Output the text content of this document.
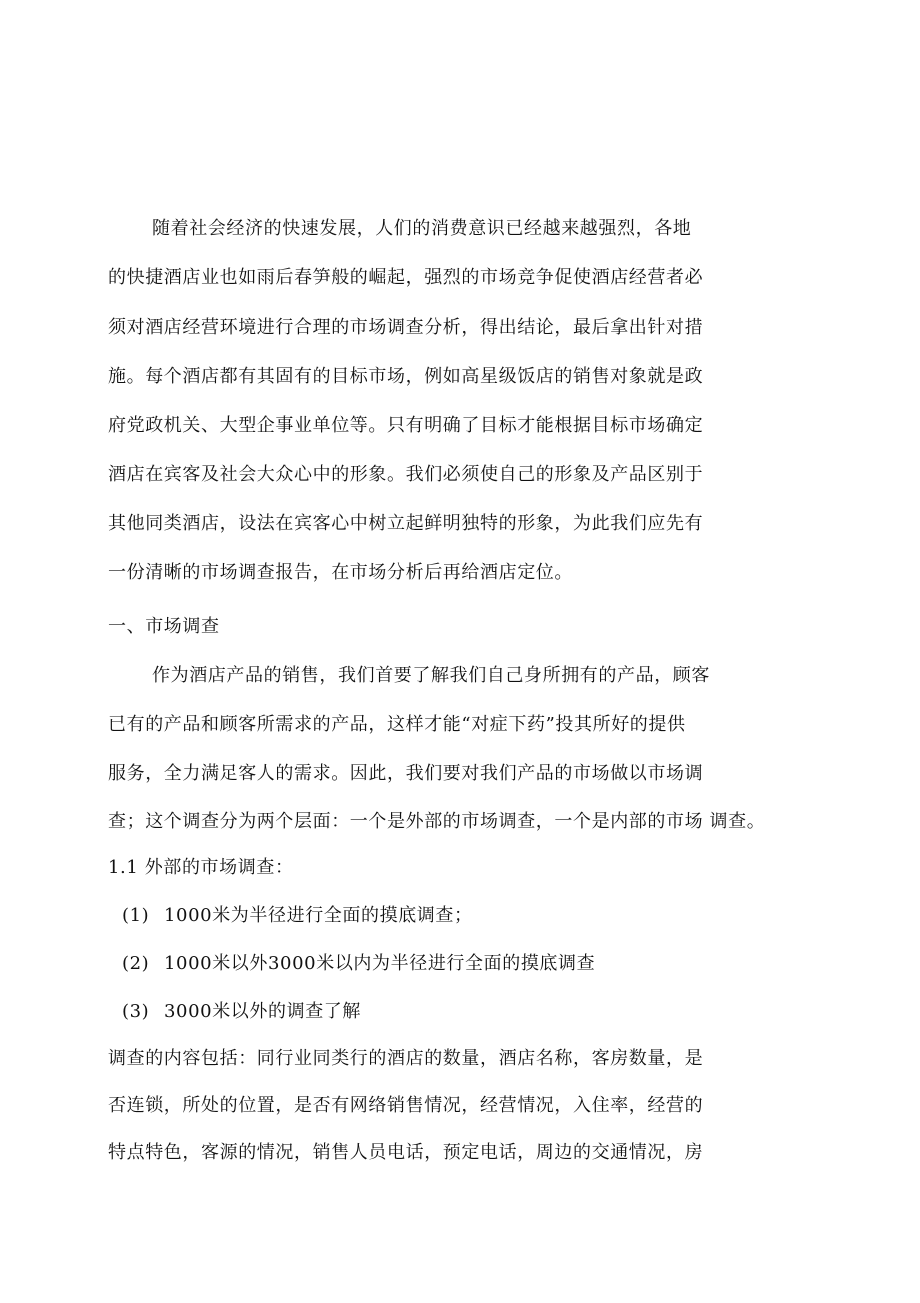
随着社会经济的快速发展，人们的消费意识已经越来越强烈，各地
的快捷酒店业也如雨后春笋般的崛起，强烈的市场竞争促使酒店经营者必
须对酒店经营环境进行合理的市场调查分析，得出结论，最后拿出针对措
施。每个酒店都有其固有的目标市场，例如高星级饭店的销售对象就是政
府党政机关、大型企事业单位等。只有明确了目标才能根据目标市场确定
酒店在宾客及社会大众心中的形象。我们必须使自己的形象及产品区别于
其他同类酒店，设法在宾客心中树立起鲜明独特的形象，为此我们应先有
一份清晰的市场调查报告，在市场分析后再给酒店定位。
一、市场调查
作为酒店产品的销售，我们首要了解我们自己身所拥有的产品，顾客
已有的产品和顾客所需求的产品，这样才能“对症下药”投其所好的提供
服务，全力满足客人的需求。因此，我们要对我们产品的市场做以市场调
查；这个调查分为两个层面：一个是外部的市场调查，一个是内部的市场 调查。
1.1 外部的市场调查：
(1) 1000米为半径进行全面的摸底调查；
(2) 1000米以外3000米以内为半径进行全面的摸底调查
(3) 3000米以外的调查了解
调查的内容包括：同行业同类行的酒店的数量，酒店名称，客房数量，是
否连锁，所处的位置，是否有网络销售情况，经营情况，入住率，经营的
特点特色，客源的情况，销售人员电话，预定电话，周边的交通情况，房
